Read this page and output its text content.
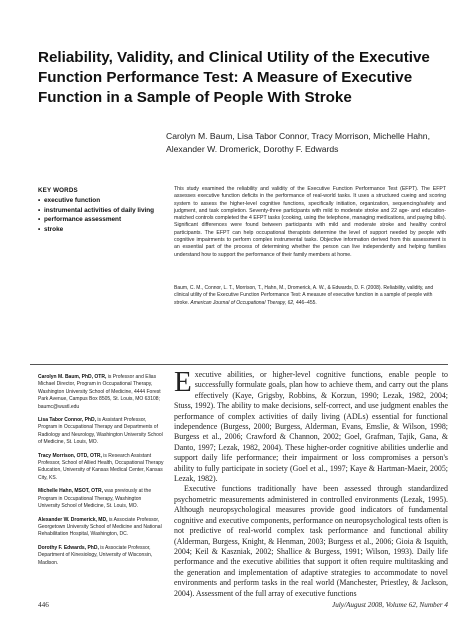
Reliability, Validity, and Clinical Utility of the Executive Function Performance Test: A Measure of Executive Function in a Sample of People With Stroke
Carolyn M. Baum, Lisa Tabor Connor, Tracy Morrison, Michelle Hahn, Alexander W. Dromerick, Dorothy F. Edwards
KEY WORDS
• executive function
• instrumental activities of daily living
• performance assessment
• stroke
This study examined the reliability and validity of the Executive Function Performance Test (EFPT). The EFPT assesses executive function deficits in the performance of real-world tasks. It uses a structured cueing and scoring system to assess the higher-level cognitive functions, specifically initiation, organization, sequencing/safety and judgment, and task completion. Seventy-three participants with mild to moderate stroke and 22 age- and education-matched controls completed the 4 EFPT tasks (cooking, using the telephone, managing medications, and paying bills). Significant differences were found between participants with mild and moderate stroke and healthy control participants. The EFPT can help occupational therapists determine the level of support needed by people with cognitive impairments to perform complex instrumental tasks. Objective information derived from this assessment is an essential part of the process of determining whether the person can live independently and helping families understand how to support the performance of their family members at home.
Baum, C. M., Connor, L. T., Morrison, T., Hahn, M., Dromerick, A. W., & Edwards, D. F. (2008). Reliability, validity, and clinical utility of the Executive Function Performance Test: A measure of executive function in a sample of people with stroke. American Journal of Occupational Therapy, 62, 446–455.
Carolyn M. Baum, PhD, OTR, is Professor and Elias Michael Director, Program in Occupational Therapy, Washington University School of Medicine, 4444 Forest Park Avenue, Campus Box 8505, St. Louis, MO 63108; baumc@wustl.edu
Lisa Tabor Connor, PhD, is Assistant Professor, Program in Occupational Therapy and Departments of Radiology and Neurology, Washington University School of Medicine, St. Louis, MO.
Tracy Morrison, OTD, OTR, is Research Assistant Professor, School of Allied Health, Occupational Therapy Education, University of Kansas Medical Center, Kansas City, KS.
Michelle Hahn, MSOT, OTR, was previously at the Program in Occupational Therapy, Washington University School of Medicine, St. Louis, MO.
Alexander W. Dromerick, MD, is Associate Professor, Georgetown University School of Medicine and National Rehabilitation Hospital, Washington, DC.
Dorothy F. Edwards, PhD, is Associate Professor, Department of Kinesiology, University of Wisconsin, Madison.

Executive abilities, or higher-level cognitive functions, enable people to successfully formulate goals, plan how to achieve them, and carry out the plans effectively (Kaye, Grigsby, Robbins, & Korzun, 1990; Lezak, 1982, 2004; Stuss, 1992). The ability to make decisions, self-correct, and use judgment enables the performance of complex activities of daily living (ADLs) essential for functional independence (Burgess, 2000; Burgess, Alderman, Evans, Emslie, & Wilson, 1998; Burgess et al., 2006; Crawford & Channon, 2002; Goel, Grafman, Tajik, Gana, & Danto, 1997; Lezak, 1982, 2004). These higher-order cognitive abilities underlie and support daily life performance; their impairment or loss compromises a person's ability to fully participate in society (Goel et al., 1997; Kaye & Hartman-Maeir, 2005; Lezak, 1982).

Executive functions traditionally have been assessed through standardized psychometric measurements administered in controlled environments (Lezak, 1995). Although neuropsychological measures provide good indicators of fundamental cognitive and executive components, performance on neuropsychological tests often is not predictive of real-world complex task performance and functional ability (Alderman, Burgess, Knight, & Henman, 2003; Burgess et al., 2006; Gioia & Isquith, 2004; Keil & Kaszniak, 2002; Shallice & Burgess, 1991; Wilson, 1993). Daily life performance and the executive abilities that support it often require multitasking and the generation and implementation of adaptive strategies to accommodate to novel environments and perform tasks in the real world (Manchester, Priestley, & Jackson, 2004). Assessment of the full array of executive functions

446	July/August 2008, Volume 62, Number 4
